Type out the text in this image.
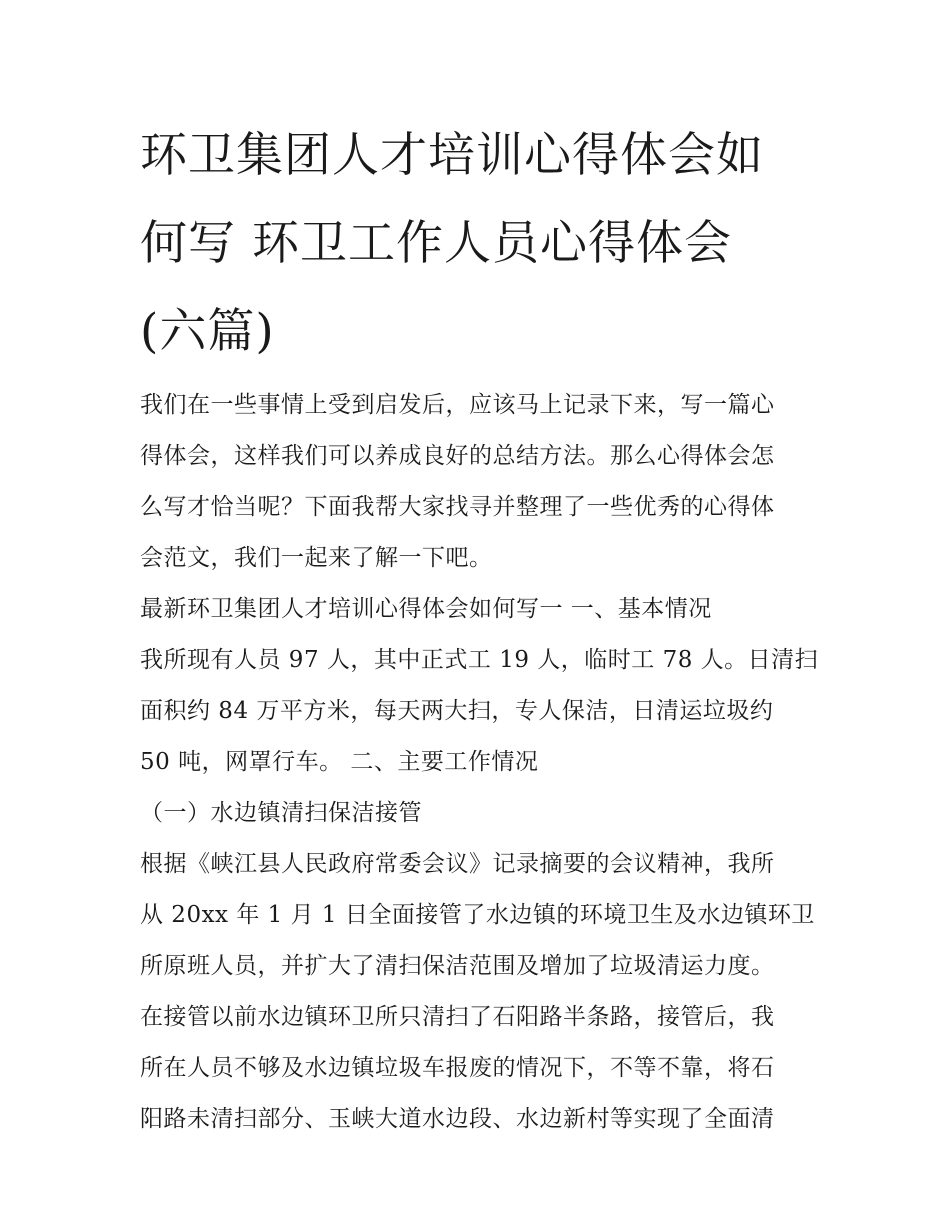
环卫集团人才培训心得体会如
何写 环卫工作人员心得体会
(六篇)

我们在一些事情上受到启发后，应该马上记录下来，写一篇心
得体会，这样我们可以养成良好的总结方法。那么心得体会怎
么写才恰当呢？下面我帮大家找寻并整理了一些优秀的心得体
会范文，我们一起来了解一下吧。

最新环卫集团人才培训心得体会如何写一 一、基本情况

我所现有人员 97 人，其中正式工 19 人，临时工 78 人。日清扫
面积约 84 万平方米，每天两大扫，专人保洁，日清运垃圾约
50 吨，网罩行车。 二、主要工作情况

（一）水边镇清扫保洁接管

根据《峡江县人民政府常委会议》记录摘要的会议精神，我所
从 20xx 年 1 月 1 日全面接管了水边镇的环境卫生及水边镇环卫
所原班人员，并扩大了清扫保洁范围及增加了垃圾清运力度。
在接管以前水边镇环卫所只清扫了石阳路半条路，接管后，我
所在人员不够及水边镇垃圾车报废的情况下，不等不靠，将石
阳路未清扫部分、玉峡大道水边段、水边新村等实现了全面清
